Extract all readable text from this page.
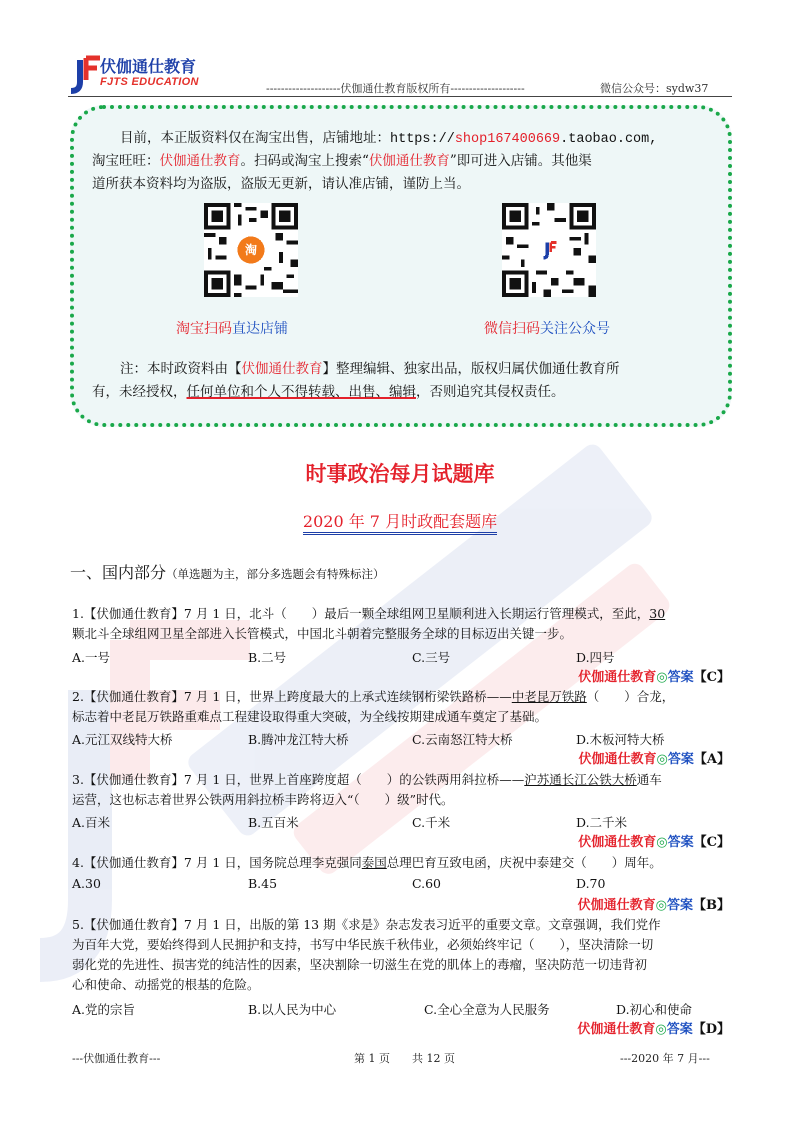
伏伽通仕教育
FJTS EDUCATION	--------------------伏伽通仕教育版权所有--------------------	微信公众号：sydw37
目前，本正版资料仅在淘宝出售，店铺地址：https://shop167400669.taobao.com,
淘宝旺旺：伏伽通仕教育。扫码或淘宝上搜索“伏伽通仕教育”即可进入店铺。其他渠
道所获本资料均为盗版，盗版无更新，请认准店铺，谨防上当。
淘
淘宝扫码直达店铺	微信扫码关注公众号
注：本时政资料由【伏伽通仕教育】整理编辑、独家出品，版权归属伏伽通仕教育所
有，未经授权，任何单位和个人不得转载、出售、编辑，否则追究其侵权责任。
时事政治每月试题库
2020 年 7 月时政配套题库
一、国内部分（单选题为主，部分多选题会有特殊标注）
1.【伏伽通仕教育】7 月 1 日，北斗（　　）最后一颗全球组网卫星顺利进入长期运行管理模式，至此，30
颗北斗全球组网卫星全部进入长管模式，中国北斗朝着完整服务全球的目标迈出关键一步。
A.一号	B.二号	C.三号	D.四号
伏伽通仕教育◎答案【C】
2.【伏伽通仕教育】7 月 1 日，世界上跨度最大的上承式连续钢桁梁铁路桥——中老昆万铁路（　　）合龙，
标志着中老昆万铁路重难点工程建设取得重大突破，为全线按期建成通车奠定了基础。
A.元江双线特大桥	B.腾冲龙江特大桥	C.云南怒江特大桥	D.木板河特大桥
伏伽通仕教育◎答案【A】
3.【伏伽通仕教育】7 月 1 日，世界上首座跨度超（　　）的公铁两用斜拉桥——沪苏通长江公铁大桥通车
运营，这也标志着世界公铁两用斜拉桥丰跨将迈入“（　　）级”时代。
A.百米	B.五百米	C.千米	D.二千米
伏伽通仕教育◎答案【C】
4.【伏伽通仕教育】7 月 1 日，国务院总理李克强同泰国总理巴育互致电函，庆祝中泰建交（　　）周年。
A.30	B.45	C.60	D.70
伏伽通仕教育◎答案【B】
5.【伏伽通仕教育】7 月 1 日，出版的第 13 期《求是》杂志发表习近平的重要文章。文章强调，我们党作
为百年大党，要始终得到人民拥护和支持，书写中华民族千秋伟业，必须始终牢记（　　），坚决清除一切
弱化党的先进性、损害党的纯洁性的因素，坚决割除一切滋生在党的肌体上的毒瘤，坚决防范一切违背初
心和使命、动摇党的根基的危险。
A.党的宗旨	B.以人民为中心	C.全心全意为人民服务	D.初心和使命
伏伽通仕教育◎答案【D】
---伏伽通仕教育---	第 1 页　　共 12 页	---2020 年 7 月---
